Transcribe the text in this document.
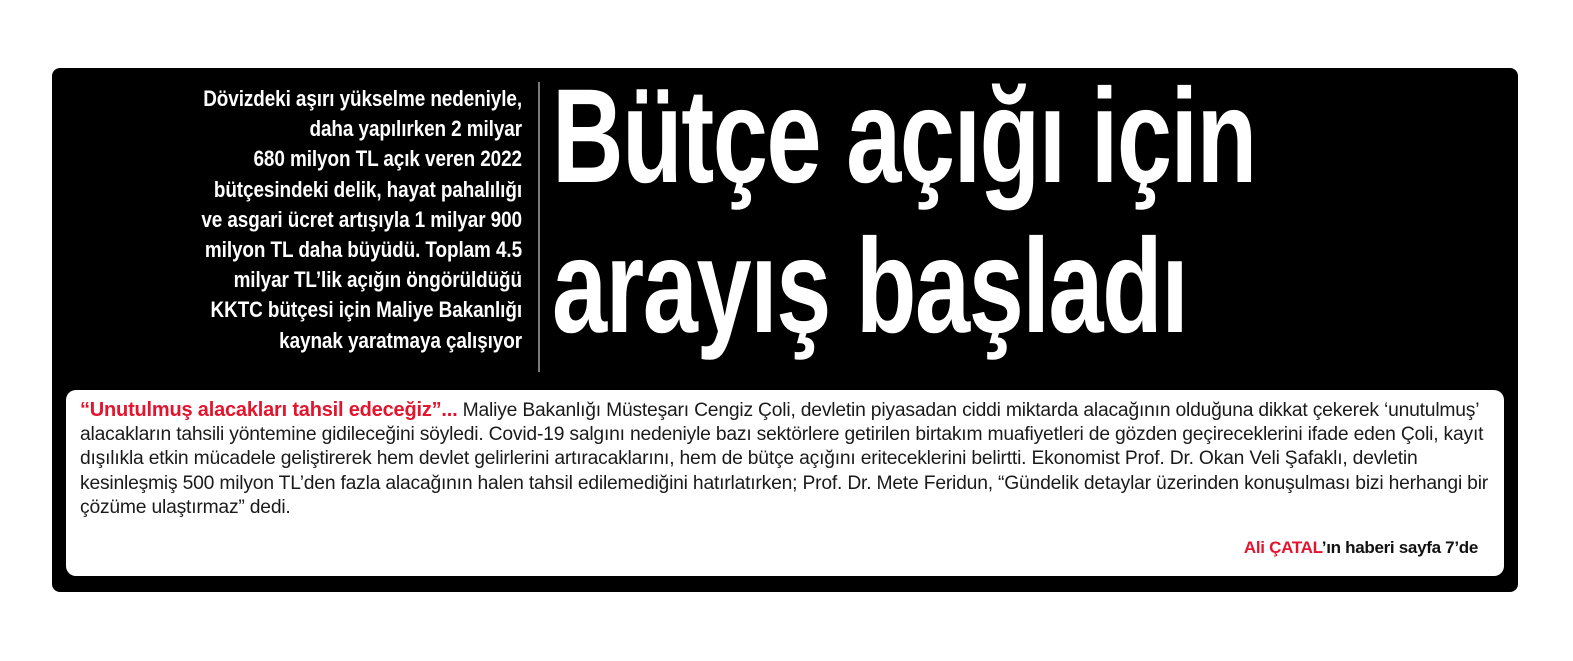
Dövizdeki aşırı yükselme nedeniyle,
daha yapılırken 2 milyar
680 milyon TL açık veren 2022
bütçesindeki delik, hayat pahalılığı
ve asgari ücret artışıyla 1 milyar 900
milyon TL daha büyüdü. Toplam 4.5
milyar TL’lik açığın öngörüldüğü
KKTC bütçesi için Maliye Bakanlığı
kaynak yaratmaya çalışıyor
Bütçe açığı için
arayış başladı
“Unutulmuş alacakları tahsil edeceğiz”... Maliye Bakanlığı Müsteşarı Cengiz Çoli, devletin piyasadan ciddi miktarda alacağının olduğuna dikkat çekerek ‘unutulmuş’ alacakların tahsili yöntemine gidileceğini söyledi. Covid-19 salgını nedeniyle bazı sektörlere getirilen birtakım muafiyetleri de gözden geçireceklerini ifade eden Çoli, kayıt dışılıkla etkin mücadele geliştirerek hem devlet gelirlerini artıracaklarını, hem de bütçe açığını eriteceklerini belirtti. Ekonomist Prof. Dr. Okan Veli Şafaklı, devletin kesinleşmiş 500 milyon TL’den fazla alacağının halen tahsil edilemediğini hatırlatırken; Prof. Dr. Mete Feridun, “Gündelik detaylar üzerinden konuşulması bizi herhangi bir çözüme ulaştırmaz” dedi.
Ali ÇATAL’ın haberi sayfa 7’de
